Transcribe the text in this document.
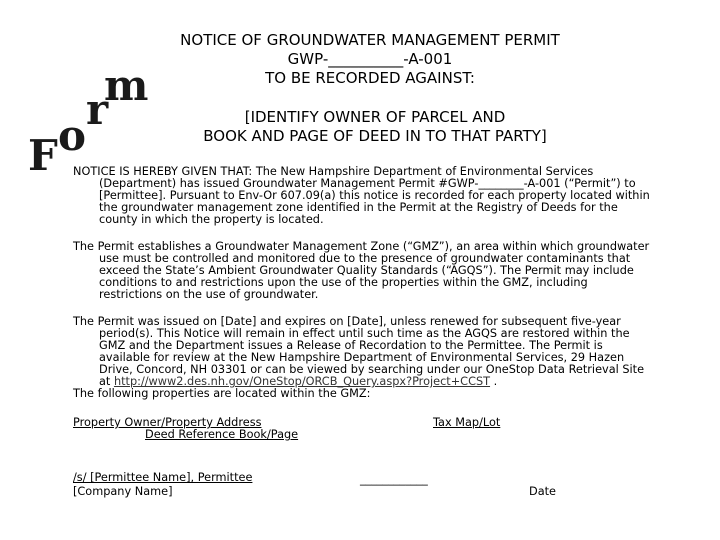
NOTICE OF GROUNDWATER MANAGEMENT PERMIT
GWP-__________-A-001
TO BE RECORDED AGAINST:
F o
r
m
[IDENTIFY OWNER OF PARCEL AND
BOOK AND PAGE OF DEED IN TO THAT PARTY]

NOTICE IS HEREBY GIVEN THAT: The New Hampshire Department of Environmental Services (Department) has issued Groundwater Management Permit #GWP-________-A-001 (“Permit”) to [Permittee]. Pursuant to Env-Or 607.09(a) this notice is recorded for each property located within the groundwater management zone identified in the Permit at the Registry of Deeds for the county in which the property is located.

The Permit establishes a Groundwater Management Zone (“GMZ”), an area within which groundwater use must be controlled and monitored due to the presence of groundwater contaminants that exceed the State’s Ambient Groundwater Quality Standards (“AGQS”). The Permit may include conditions to and restrictions upon the use of the properties within the GMZ, including restrictions on the use of groundwater.

The Permit was issued on [Date] and expires on [Date], unless renewed for subsequent five-year period(s). This Notice will remain in effect until such time as the AGQS are restored within the GMZ and the Department issues a Release of Recordation to the Permittee. The Permit is available for review at the New Hampshire Department of Environmental Services, 29 Hazen Drive, Concord, NH 03301 or can be viewed by searching under our OneStop Data Retrieval Site at http://www2.des.nh.gov/OneStop/ORCB_Query.aspx?Project+CCST .

The following properties are located within the GMZ:
Property Owner/Property Address
Deed Reference Book/Page
Tax Map/Lot
/s/ [Permittee Name], Permittee
[Company Name]
____________
Date
